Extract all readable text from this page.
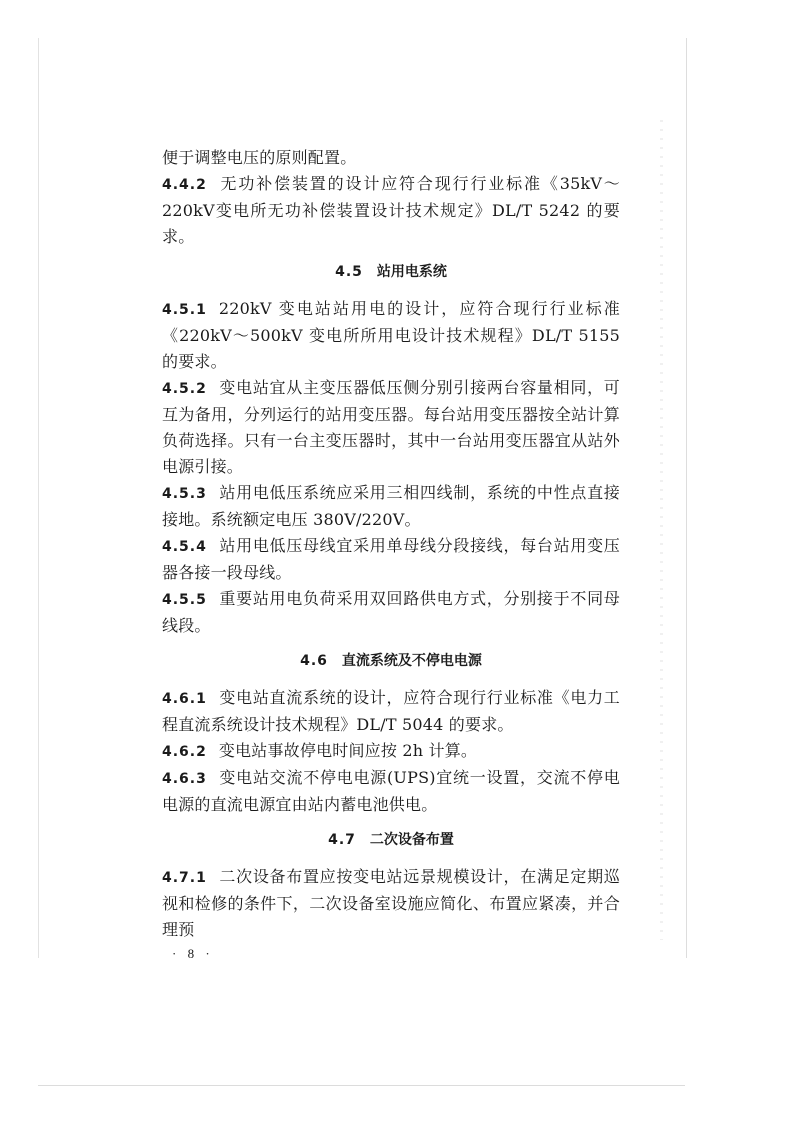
便于调整电压的原则配置。

4.4.2 无功补偿装置的设计应符合现行行业标准《35kV～220kV变电所无功补偿装置设计技术规定》DL/T 5242 的要求。

4.5 站用电系统

4.5.1 220kV 变电站站用电的设计，应符合现行行业标准《220kV～500kV 变电所所用电设计技术规程》DL/T 5155 的要求。

4.5.2 变电站宜从主变压器低压侧分别引接两台容量相同，可互为备用，分列运行的站用变压器。每台站用变压器按全站计算负荷选择。只有一台主变压器时，其中一台站用变压器宜从站外电源引接。

4.5.3 站用电低压系统应采用三相四线制，系统的中性点直接接地。系统额定电压 380V/220V。

4.5.4 站用电低压母线宜采用单母线分段接线，每台站用变压器各接一段母线。

4.5.5 重要站用电负荷采用双回路供电方式，分别接于不同母线段。

4.6 直流系统及不停电电源

4.6.1 变电站直流系统的设计，应符合现行行业标准《电力工程直流系统设计技术规程》DL/T 5044 的要求。

4.6.2 变电站事故停电时间应按 2h 计算。

4.6.3 变电站交流不停电电源(UPS)宜统一设置，交流不停电电源的直流电源宜由站内蓄电池供电。

4.7 二次设备布置

4.7.1 二次设备布置应按变电站远景规模设计，在满足定期巡视和检修的条件下，二次设备室设施应简化、布置应紧凑，并合理预

· 8 ·
